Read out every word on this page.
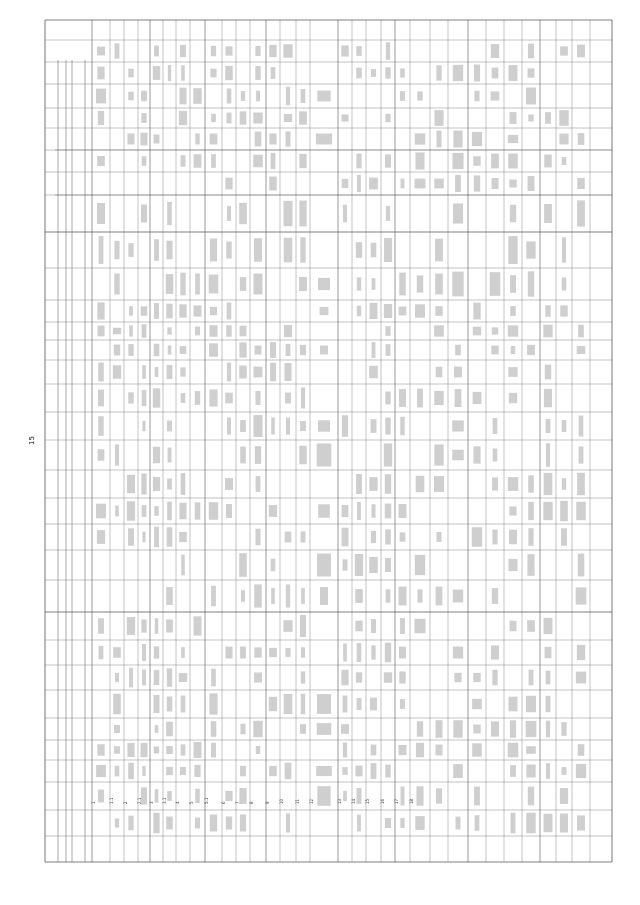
15
1	1.1 2 2.1 3 3.1 4 5	5.1	6 7 8	9 10	11 12	13 14 15	16 17	18
